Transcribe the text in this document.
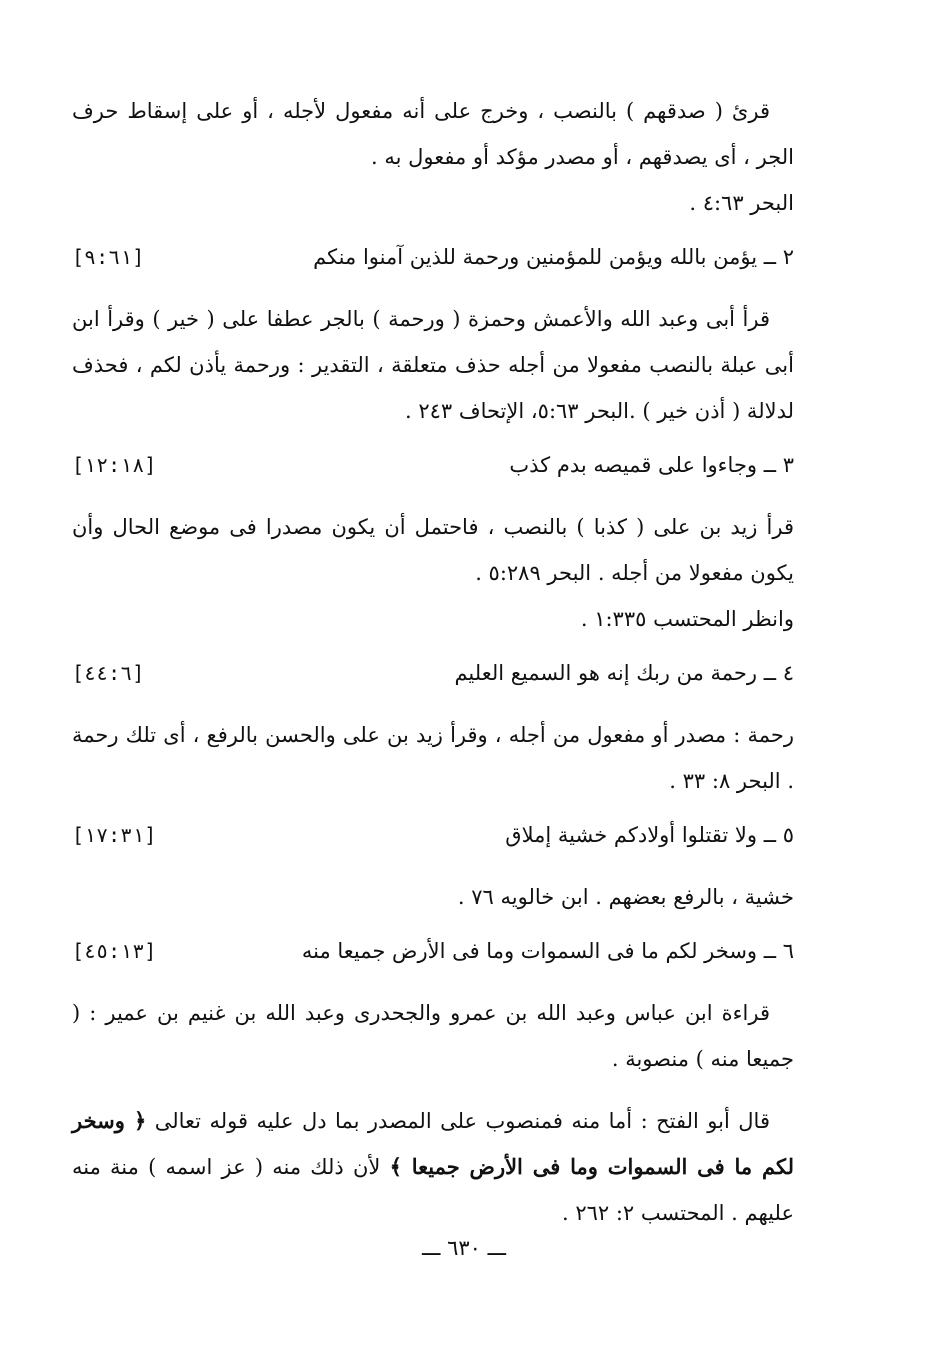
قرئ ( صدقهم ) بالنصب ، وخرج على أنه مفعول لأجله ، أو على إسقاط حرف الجر ، أى يصدقهم ، أو مصدر مؤكد أو مفعول به .

البحر ٤:٦٣ .

٢ ــ يؤمن بالله ويؤمن للمؤمنين ورحمة للذين آمنوا منكم
[٩:٦١]

قرأ أبى وعبد الله والأعمش وحمزة ( ورحمة ) بالجر عطفا على ( خير ) وقرأ ابن أبى عبلة بالنصب مفعولا من أجله حذف متعلقة ، التقدير : ورحمة يأذن لكم ، فحذف لدلالة ( أذن خير ) .البحر ٥:٦٣، الإتحاف ٢٤٣ .

٣ ــ وجاءوا على قميصه بدم كذب
[١٢:١٨]

قرأ زيد بن على ( كذبا ) بالنصب ، فاحتمل أن يكون مصدرا فى موضع الحال وأن يكون مفعولا من أجله . البحر ٥:٢٨٩ .

وانظر المحتسب ١:٣٣٥ .

٤ ــ رحمة من ربك إنه هو السميع العليم
[٤٤:٦]

رحمة : مصدر أو مفعول من أجله ، وقرأ زيد بن على والحسن بالرفع ، أى تلك رحمة . البحر ٨: ٣٣ .

٥ ــ ولا تقتلوا أولادكم خشية إملاق
[١٧:٣١]

خشية ، بالرفع بعضهم . ابن خالويه ٧٦ .

٦ ــ وسخر لكم ما فى السموات وما فى الأرض جميعا منه
[٤٥:١٣]

قراءة ابن عباس وعبد الله بن عمرو والجحدرى وعبد الله بن غنيم بن عمير : ( جميعا منه ) منصوبة .

قال أبو الفتح : أما منه فمنصوب على المصدر بما دل عليه قوله تعالى ﴿ وسخر لكم ما فى السموات وما فى الأرض جميعا ﴾ لأن ذلك منه ( عز اسمه ) منة منه عليهم . المحتسب ٢: ٢٦٢ .

ـــ ٦٣٠ ـــ
